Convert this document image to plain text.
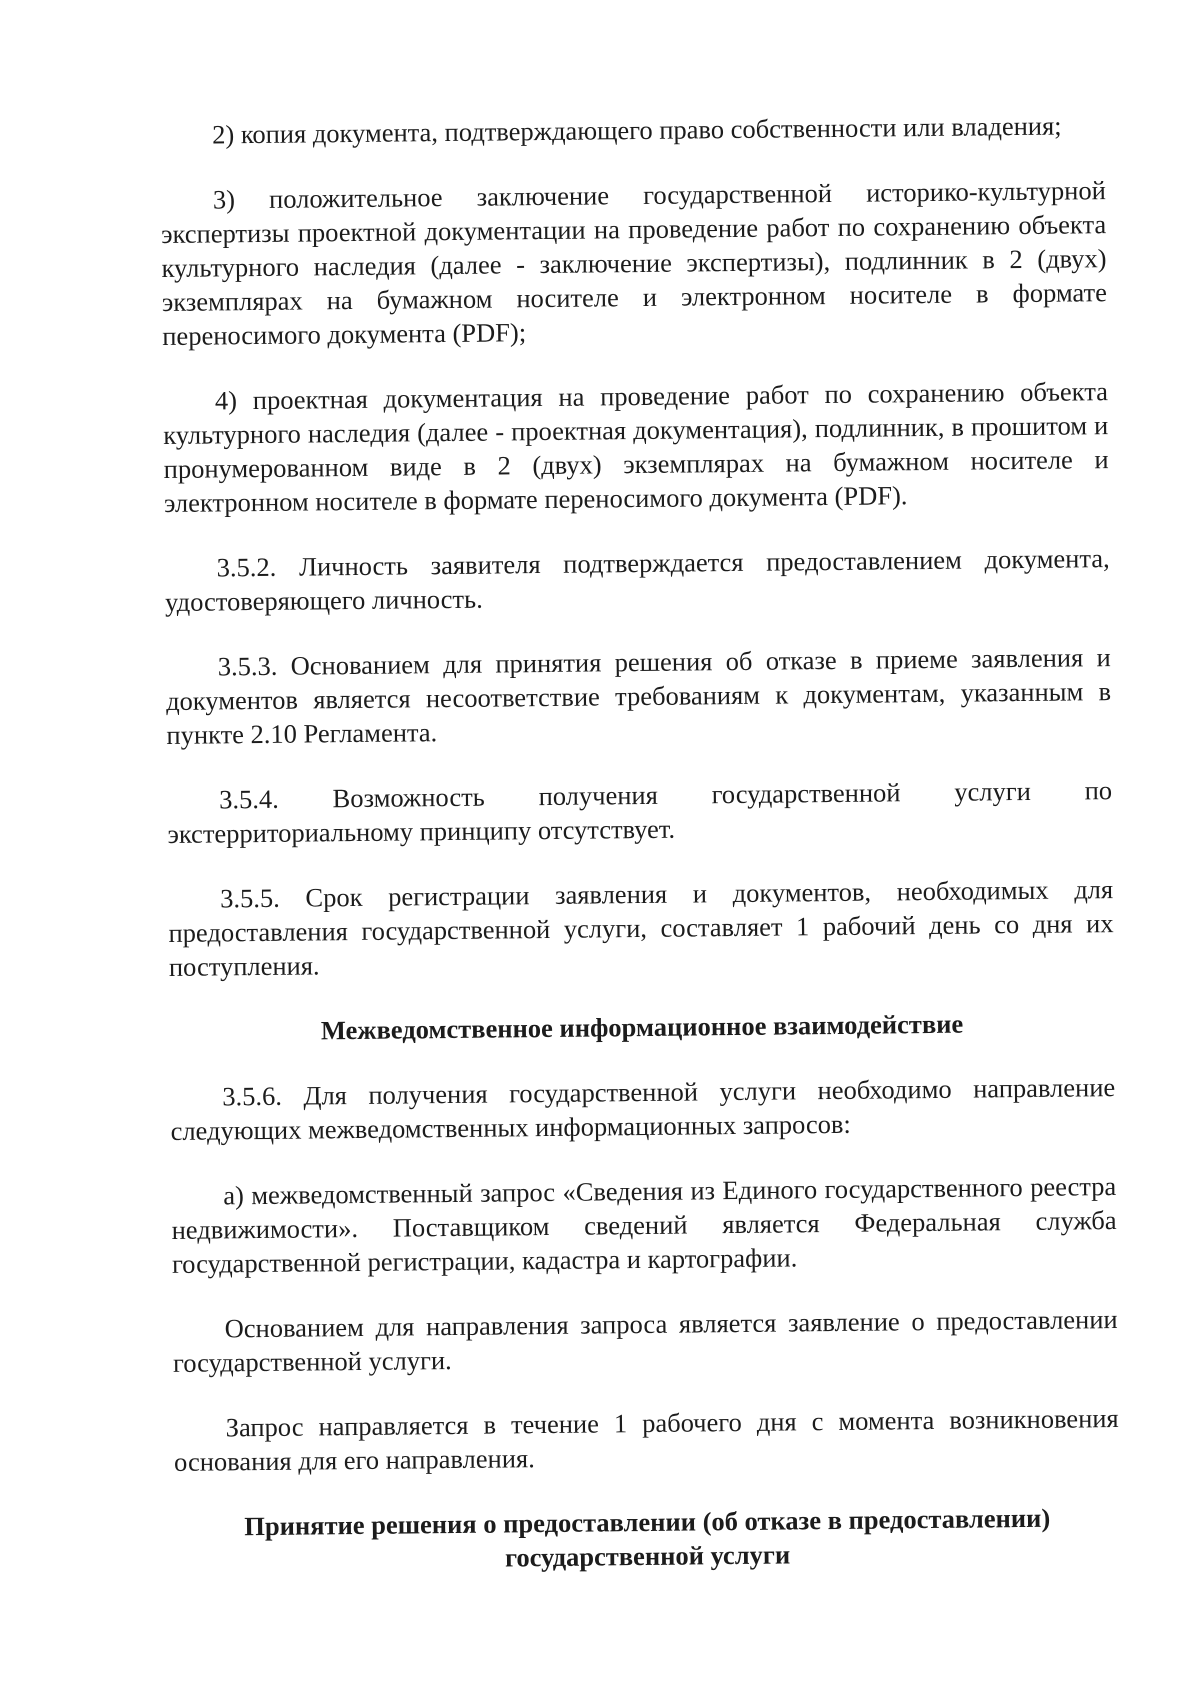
2) копия документа, подтверждающего право собственности или владения;

3) положительное заключение государственной историко-культурной экспертизы проектной документации на проведение работ по сохранению объекта культурного наследия (далее - заключение экспертизы), подлинник в 2 (двух) экземплярах на бумажном носителе и электронном носителе в формате переносимого документа (PDF);

4) проектная документация на проведение работ по сохранению объекта культурного наследия (далее - проектная документация), подлинник, в прошитом и пронумерованном виде в 2 (двух) экземплярах на бумажном носителе и электронном носителе в формате переносимого документа (PDF).

3.5.2. Личность заявителя подтверждается предоставлением документа, удостоверяющего личность.

3.5.3. Основанием для принятия решения об отказе в приеме заявления и документов является несоответствие требованиям к документам, указанным в пункте 2.10 Регламента.

3.5.4. Возможность получения государственной услуги по экстерриториальному принципу отсутствует.

3.5.5. Срок регистрации заявления и документов, необходимых для предоставления государственной услуги, составляет 1 рабочий день со дня их поступления.

Межведомственное информационное взаимодействие

3.5.6. Для получения государственной услуги необходимо направление следующих межведомственных информационных запросов:

а) межведомственный запрос «Сведения из Единого государственного реестра недвижимости». Поставщиком сведений является Федеральная служба государственной регистрации, кадастра и картографии.

Основанием для направления запроса является заявление о предоставлении государственной услуги.

Запрос направляется в течение 1 рабочего дня с момента возникновения основания для его направления.

Принятие решения о предоставлении (об отказе в предоставлении)
государственной услуги
